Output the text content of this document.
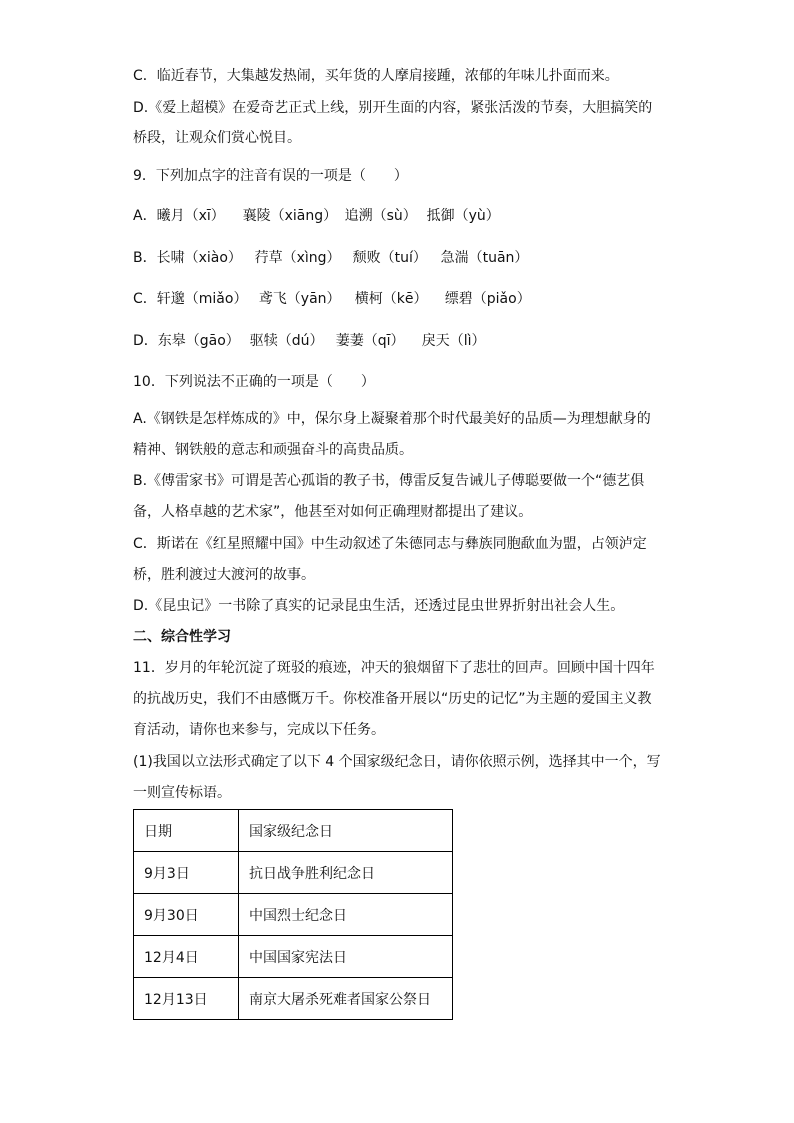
C．临近春节，大集越发热闹，买年货的人摩肩接踵，浓郁的年味儿扑面而来。
D.《爱上超模》在爱奇艺正式上线，别开生面的内容，紧张活泼的节奏，大胆搞笑的
桥段，让观众们赏心悦目。
9．下列加点字的注音有误的一项是（　　）
A．曦月（xī） 襄陵（xiāng） 追溯（sù） 抵御（yù）
B．长啸（xiào） 荇草（xìng） 颓败（tuí） 急湍（tuān）
C．轩邈（miǎo） 鸢飞（yān） 横柯（kē） 缥碧（piǎo）
D．东皋（gāo） 驱犊（dú） 萋萋（qī） 戾天（lì）
10．下列说法不正确的一项是（　　）
A.《钢铁是怎样炼成的》中，保尔身上凝聚着那个时代最美好的品质—为理想献身的
精神、钢铁般的意志和顽强奋斗的高贵品质。
B.《傅雷家书》可谓是苦心孤诣的教子书，傅雷反复告诫儿子傅聪要做一个“德艺俱
备，人格卓越的艺术家”，他甚至对如何正确理财都提出了建议。
C．斯诺在《红星照耀中国》中生动叙述了朱德同志与彝族同胞歃血为盟，占领泸定
桥，胜利渡过大渡河的故事。
D.《昆虫记》一书除了真实的记录昆虫生活，还透过昆虫世界折射出社会人生。
二、综合性学习
11．岁月的年轮沉淀了斑驳的痕迹，冲天的狼烟留下了悲壮的回声。回顾中国十四年
的抗战历史，我们不由感慨万千。你校准备开展以“历史的记忆”为主题的爱国主义教
育活动，请你也来参与，完成以下任务。
(1)我国以立法形式确定了以下 4 个国家级纪念日，请你依照示例，选择其中一个，写
一则宣传标语。
日期	国家级纪念日
9月3日	抗日战争胜利纪念日
9月30日	中国烈士纪念日
12月4日	中国国家宪法日
12月13日	南京大屠杀死难者国家公祭日
